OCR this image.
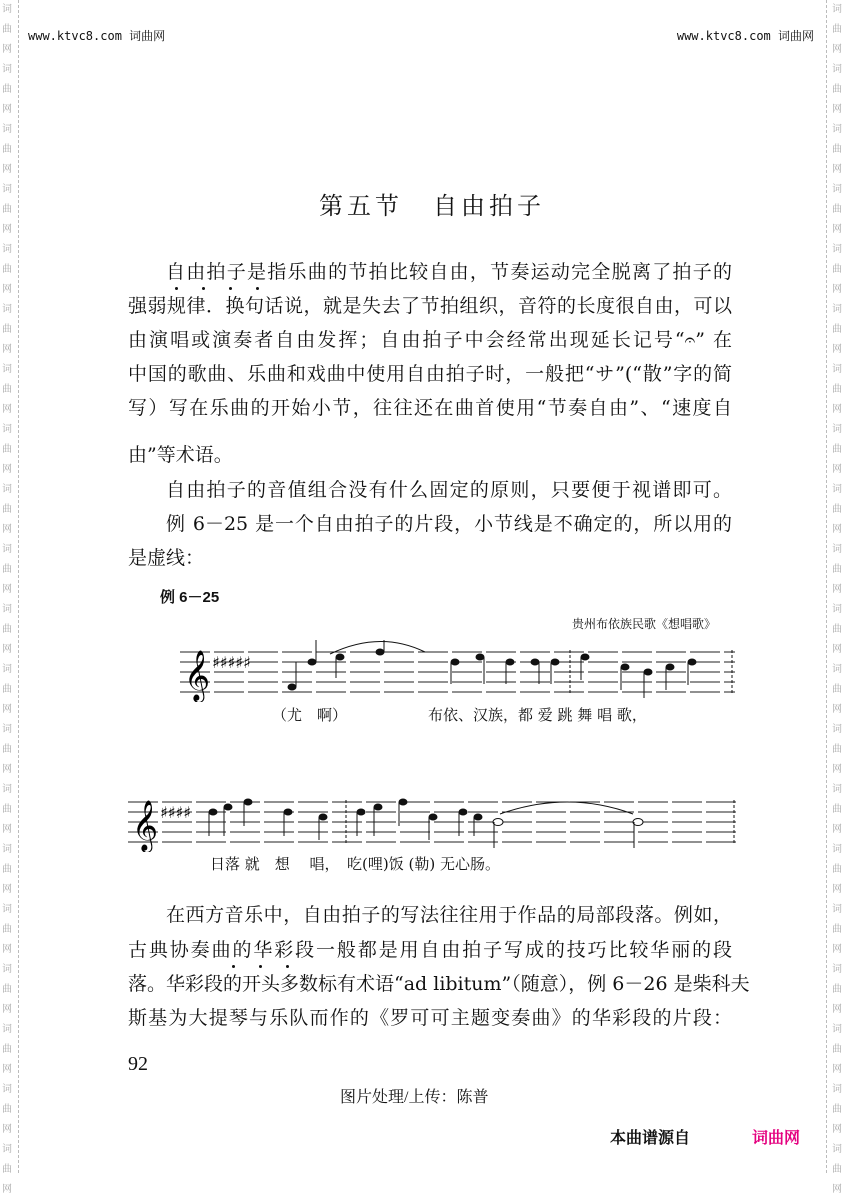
词
曲
网
词
曲
网
词
曲
网
词
曲
网
词
曲
网
词
曲
网
词
曲
网
词
曲
网
词
曲
网
词
曲
网
词
曲
网
词
曲
网
词
曲
网
词
曲
网
词
曲
网
词
曲
网
词
曲
网
词
曲
网
词
曲
网
词
曲
网

词
曲
网
词
曲
网
词
曲
网
词
曲
网
词
曲
网
词
曲
网
词
曲
网
词
曲
网
词
曲
网
词
曲
网
词
曲
网
词
曲
网
词
曲
网
词
曲
网
词
曲
网
词
曲
网
词
曲
网
词
曲
网
词
曲
网
词
曲
网

www.ktvc8.com 词曲网	www.ktvc8.com 词曲网
第五节 自由拍子
自由拍子是指乐曲的节拍比较自由，节奏运动完全脱离了拍子的
强弱规律．换句话说，就是失去了节拍组织，音符的长度很自由，可以
由演唱或演奏者自由发挥；自由拍子中会经常出现延长记号“𝄐” 在
中国的歌曲、乐曲和戏曲中使用自由拍子时，一般把“サ”(“散”字的简
写）写在乐曲的开始小节，往往还在曲首使用“节奏自由”、“速度自
由”等术语。
自由拍子的音值组合没有什么固定的原则，只要便于视谱即可。
例 6－25 是一个自由拍子的片段，小节线是不确定的，所以用的
是虚线：
例 6－25
贵州布依族民歌《想唱歌》
𝄞 ♯♯♯♯♯
（尤　啊）	布依、汉族，都 爱 跳 舞 唱 歌，
𝄞 ♯♯♯♯
日落 就　想　 唱，　吃(哩)饭 (勒) 无心肠。
在西方音乐中，自由拍子的写法往往用于作品的局部段落。例如，
古典协奏曲的华彩段一般都是用自由拍子写成的技巧比较华丽的段
落。华彩段的开头多数标有术语“ad libitum”（随意），例 6－26 是柴科夫
斯基为大提琴与乐队而作的《罗可可主题变奏曲》的华彩段的片段：
92
图片处理/上传：陈普
本曲谱源自	词曲网
